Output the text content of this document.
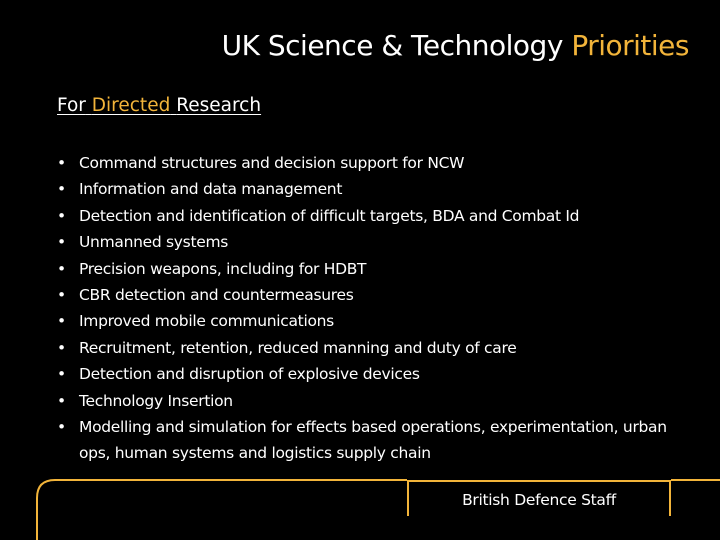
UK Science & Technology Priorities
For Directed Research
• Command structures and decision support for NCW
• Information and data management
• Detection and identification of difficult targets, BDA and Combat Id
• Unmanned systems
• Precision weapons, including for HDBT
• CBR detection and countermeasures
• Improved mobile communications
• Recruitment, retention, reduced manning and duty of care
• Detection and disruption of explosive devices
• Technology Insertion
• Modelling and simulation for effects based operations, experimentation, urban ops, human systems and logistics supply chain
British Defence Staff
